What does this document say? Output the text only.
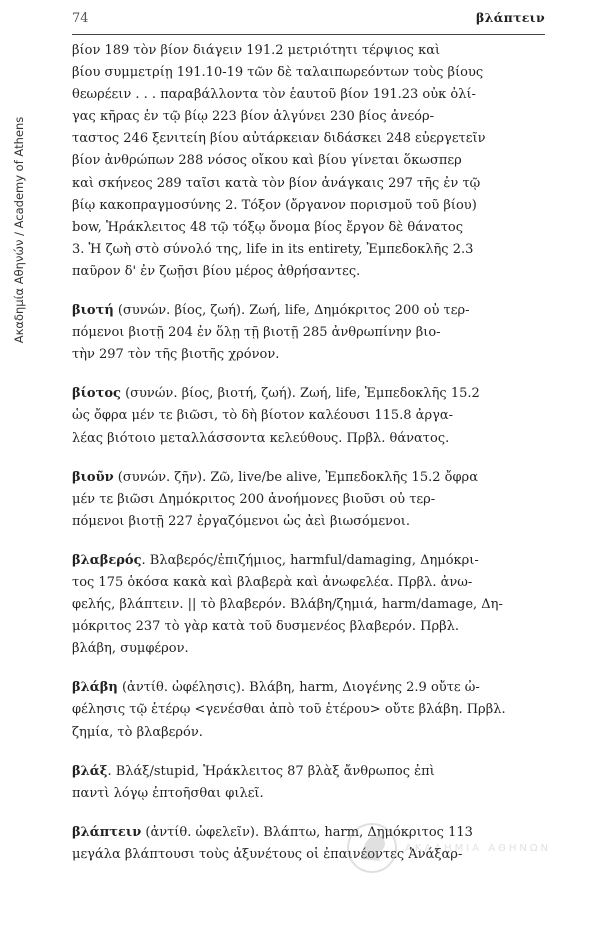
Ακαδημία Αθηνών / Academy of Athens
74	βλάπτειν
βίον 189 τὸν βίον διάγειν 191.2 μετριότητι τέρψιος καὶ
βίου συμμετρίῃ 191.10-19 τῶν δὲ ταλαιπωρεόντων τοὺς βίους
θεωρέειν . . . παραβάλλοντα τὸν ἑαυτοῦ βίον 191.23 οὐκ ὀλί-
γας κῆρας ἐν τῷ βίῳ 223 βίον ἀλγύνει 230 βίος ἀνεόρ-
ταστος 246 ξενιτείη βίου αὐτάρκειαν διδάσκει 248 εὐεργετεῖν
βίον ἀνθρώπων 288 νόσος οἴκου καὶ βίου γίνεται ὅκωσπερ
καὶ σκήνεος 289 ταῖσι κατὰ τὸν βίον ἀνάγκαις 297 τῆς ἐν τῷ
βίῳ κακοπραγμοσύνης 2. Τόξον (ὄργανον πορισμοῦ τοῦ βίου)
bow, Ἡράκλειτος 48 τῷ τόξῳ ὄνομα βίος ἔργον δὲ θάνατος
3. Ἡ ζωὴ στὸ σύνολό της, life in its entirety, Ἐμπεδοκλῆς 2.3
παῦρον δ' ἐν ζωῇσι βίου μέρος ἀθρήσαντες.
βιοτή (συνών. βίος, ζωή). Ζωή, life, Δημόκριτος 200 οὐ τερ-
πόμενοι βιοτῇ 204 ἐν ὅλῃ τῇ βιοτῇ 285 ἀνθρωπίνην βιο-
τὴν 297 τὸν τῆς βιοτῆς χρόνον.
βίοτος (συνών. βίος, βιοτή, ζωή). Ζωή, life, Ἐμπεδοκλῆς 15.2
ὡς ὄφρα μέν τε βιῶσι, τὸ δὴ βίοτον καλέουσι 115.8 ἀργα-
λέας βιότοιο μεταλλάσσοντα κελεύθους. Πρβλ. θάνατος.
βιοῦν (συνών. ζῆν). Ζῶ, live/be alive, Ἐμπεδοκλῆς 15.2 ὄφρα
μέν τε βιῶσι Δημόκριτος 200 ἀνοήμονες βιοῦσι οὐ τερ-
πόμενοι βιοτῇ 227 ἐργαζόμενοι ὡς ἀεὶ βιωσόμενοι.
βλαβερός. Βλαβερός/ἐπιζήμιος, harmful/damaging, Δημόκρι-
τος 175 ὁκόσα κακὰ καὶ βλαβερὰ καὶ ἀνωφελέα. Πρβλ. ἀνω-
φελής, βλάπτειν. || τὸ βλαβερόν. Βλάβη/ζημιά, harm/damage, Δη-
μόκριτος 237 τὸ γὰρ κατὰ τοῦ δυσμενέος βλαβερόν. Πρβλ.
βλάβη, συμφέρον.
βλάβη (ἀντίθ. ὠφέλησις). Βλάβη, harm, Διογένης 2.9 οὔτε ὠ-
φέλησις τῷ ἑτέρῳ <γενέσθαι ἀπὸ τοῦ ἑτέρου> οὔτε βλάβη. Πρβλ.
ζημία, τὸ βλαβερόν.
βλάξ. Βλάξ/stupid, Ἡράκλειτος 87 βλὰξ ἄνθρωπος ἐπὶ
παντὶ λόγῳ ἐπτοῆσθαι φιλεῖ.
βλάπτειν (ἀντίθ. ὠφελεῖν). Βλάπτω, harm, Δημόκριτος 113
μεγάλα βλάπτουσι τοὺς ἀξυνέτους οἱ ἐπαινέοντες Ἀνάξαρ-
ΑΚΑΔΗΜΙΑ ΑΘΗΝΩΝ
